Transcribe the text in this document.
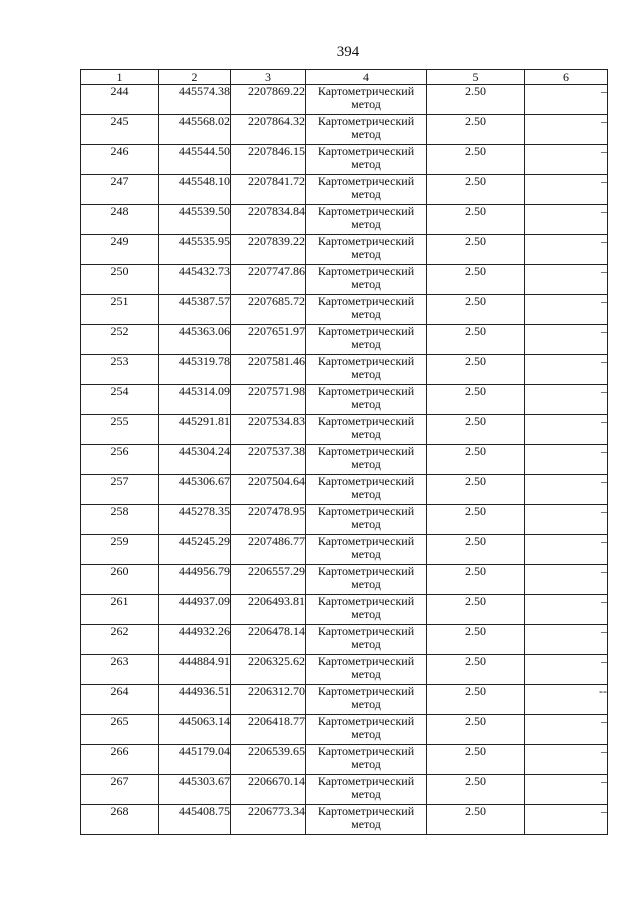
394
1	2	3	4	5	6
244	445574.38	2207869.22	Картометрический метод	2.50	–
245	445568.02	2207864.32	Картометрический метод	2.50	–
246	445544.50	2207846.15	Картометрический метод	2.50	–
247	445548.10	2207841.72	Картометрический метод	2.50	–
248	445539.50	2207834.84	Картометрический метод	2.50	–
249	445535.95	2207839.22	Картометрический метод	2.50	–
250	445432.73	2207747.86	Картометрический метод	2.50	–
251	445387.57	2207685.72	Картометрический метод	2.50	–
252	445363.06	2207651.97	Картометрический метод	2.50	–
253	445319.78	2207581.46	Картометрический метод	2.50	–
254	445314.09	2207571.98	Картометрический метод	2.50	–
255	445291.81	2207534.83	Картометрический метод	2.50	–
256	445304.24	2207537.38	Картометрический метод	2.50	–
257	445306.67	2207504.64	Картометрический метод	2.50	–
258	445278.35	2207478.95	Картометрический метод	2.50	–
259	445245.29	2207486.77	Картометрический метод	2.50	–
260	444956.79	2206557.29	Картометрический метод	2.50	–
261	444937.09	2206493.81	Картометрический метод	2.50	–
262	444932.26	2206478.14	Картометрический метод	2.50	–
263	444884.91	2206325.62	Картометрический метод	2.50	–
264	444936.51	2206312.70	Картометрический метод	2.50	--
265	445063.14	2206418.77	Картометрический метод	2.50	–
266	445179.04	2206539.65	Картометрический метод	2.50	–
267	445303.67	2206670.14	Картометрический метод	2.50	–
268	445408.75	2206773.34	Картометрический метод	2.50	–
